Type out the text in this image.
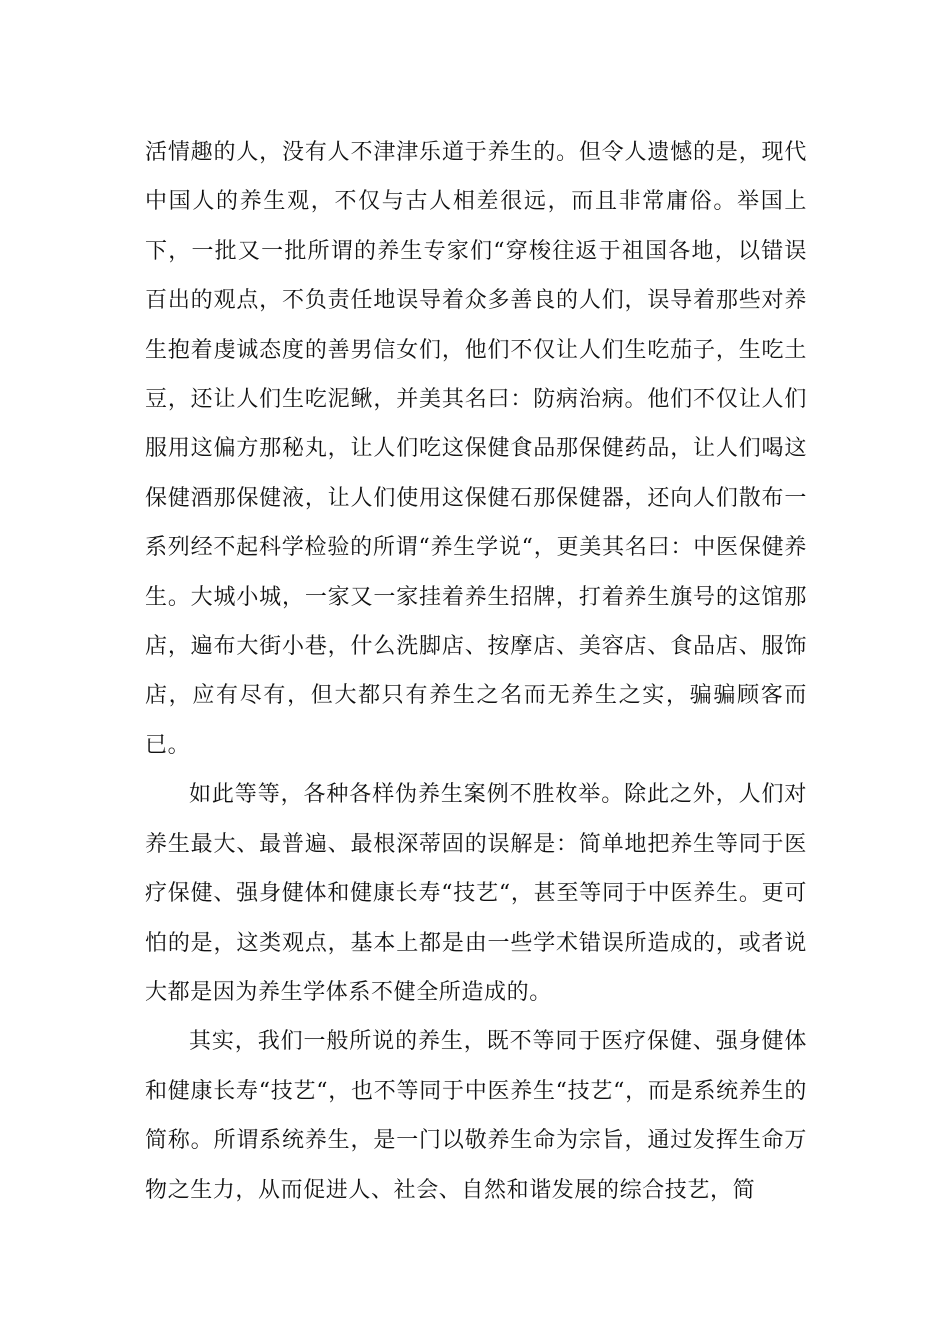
活情趣的人，没有人不津津乐道于养生的。但令人遗憾的是，现代中国人的养生观，不仅与古人相差很远，而且非常庸俗。举国上下，一批又一批所谓的养生专家们“穿梭往返于祖国各地，以错误百出的观点，不负责任地误导着众多善良的人们，误导着那些对养生抱着虔诚态度的善男信女们，他们不仅让人们生吃茄子，生吃土豆，还让人们生吃泥鳅，并美其名曰：防病治病。他们不仅让人们服用这偏方那秘丸，让人们吃这保健食品那保健药品，让人们喝这保健酒那保健液，让人们使用这保健石那保健器，还向人们散布一系列经不起科学检验的所谓“养生学说“，更美其名曰：中医保健养生。大城小城，一家又一家挂着养生招牌，打着养生旗号的这馆那店，遍布大街小巷，什么洗脚店、按摩店、美容店、食品店、服饰店，应有尽有，但大都只有养生之名而无养生之实，骗骗顾客而已。

如此等等，各种各样伪养生案例不胜枚举。除此之外，人们对养生最大、最普遍、最根深蒂固的误解是：简单地把养生等同于医疗保健、强身健体和健康长寿“技艺“，甚至等同于中医养生。更可怕的是，这类观点，基本上都是由一些学术错误所造成的，或者说大都是因为养生学体系不健全所造成的。

其实，我们一般所说的养生，既不等同于医疗保健、强身健体和健康长寿“技艺“，也不等同于中医养生“技艺“，而是系统养生的简称。所谓系统养生，是一门以敬养生命为宗旨，通过发挥生命万物之生力，从而促进人、社会、自然和谐发展的综合技艺，简
